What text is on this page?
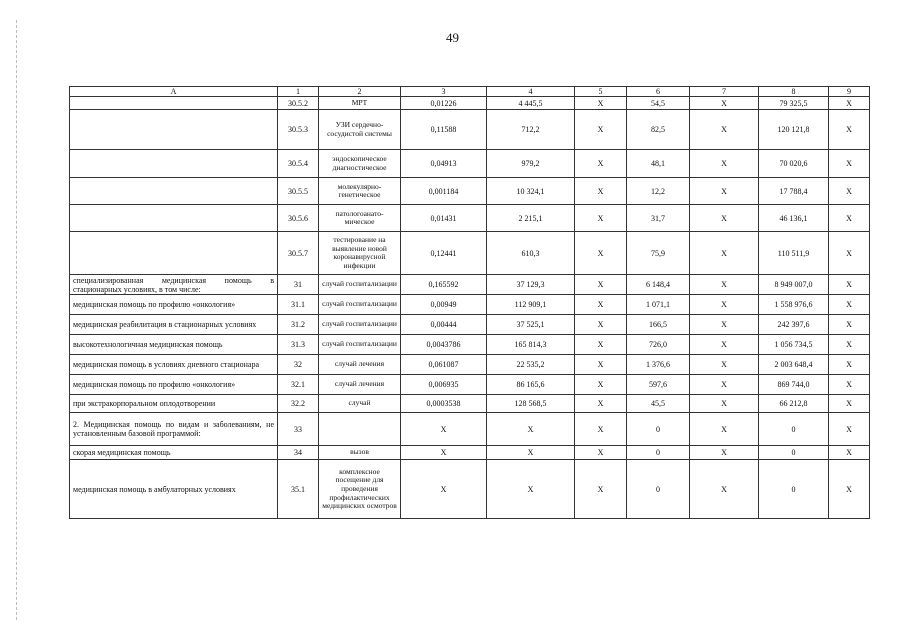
49
А	1	2	3	4	5	6	7	8	9
	30.5.2	МРТ	0,01226	4 445,5	Х	54,5	Х	79 325,5	Х
	30.5.3	УЗИ сердечно-сосудистой системы	0,11588	712,2	Х	82,5	Х	120 121,8	Х
	30.5.4	эндоскопическое диагностическое	0,04913	979,2	Х	48,1	Х	70 020,6	Х
	30.5.5	молекулярно-генетическое	0,001184	10 324,1	Х	12,2	Х	17 788,4	Х
	30.5.6	патологоанато-мическое	0,01431	2 215,1	Х	31,7	Х	46 136,1	Х
	30.5.7	тестирование на выявление новой коронавирусной инфекции	0,12441	610,3	Х	75,9	Х	110 511,9	Х
специализированная медицинская помощь в стационарных условиях, в том числе:	31	случай госпитализации	0,165592	37 129,3	Х	6 148,4	Х	8 949 007,0	Х
медицинская помощь по профилю «онкология»	31.1	случай госпитализации	0,00949	112 909,1	Х	1 071,1	Х	1 558 976,6	Х
медицинская реабилитация в стационарных условиях	31.2	случай госпитализации	0,00444	37 525,1	Х	166,5	Х	242 397,6	Х
высокотехнологичная медицинская помощь	31.3	случай госпитализации	0,0043786	165 814,3	Х	726,0	Х	1 056 734,5	Х
медицинская помощь в условиях дневного стационара	32	случай лечения	0,061087	22 535,2	Х	1 376,6	Х	2 003 648,4	Х
медицинская помощь по профилю «онкология»	32.1	случай лечения	0,006935	86 165,6	Х	597,6	Х	869 744,0	Х
при экстракорпоральном оплодотворении	32.2	случай	0,0003538	128 568,5	Х	45,5	Х	66 212,8	Х
2. Медицинская помощь по видам и заболеваниям, не установленным базовой программой:	33		Х	Х	Х	0	Х	0	Х
скорая медицинская помощь	34	вызов	Х	Х	Х	0	Х	0	Х
медицинская помощь в амбулаторных условиях	35.1	комплексное посещение для проведения профилактических медицинских осмотров	Х	Х	Х	0	Х	0	Х
